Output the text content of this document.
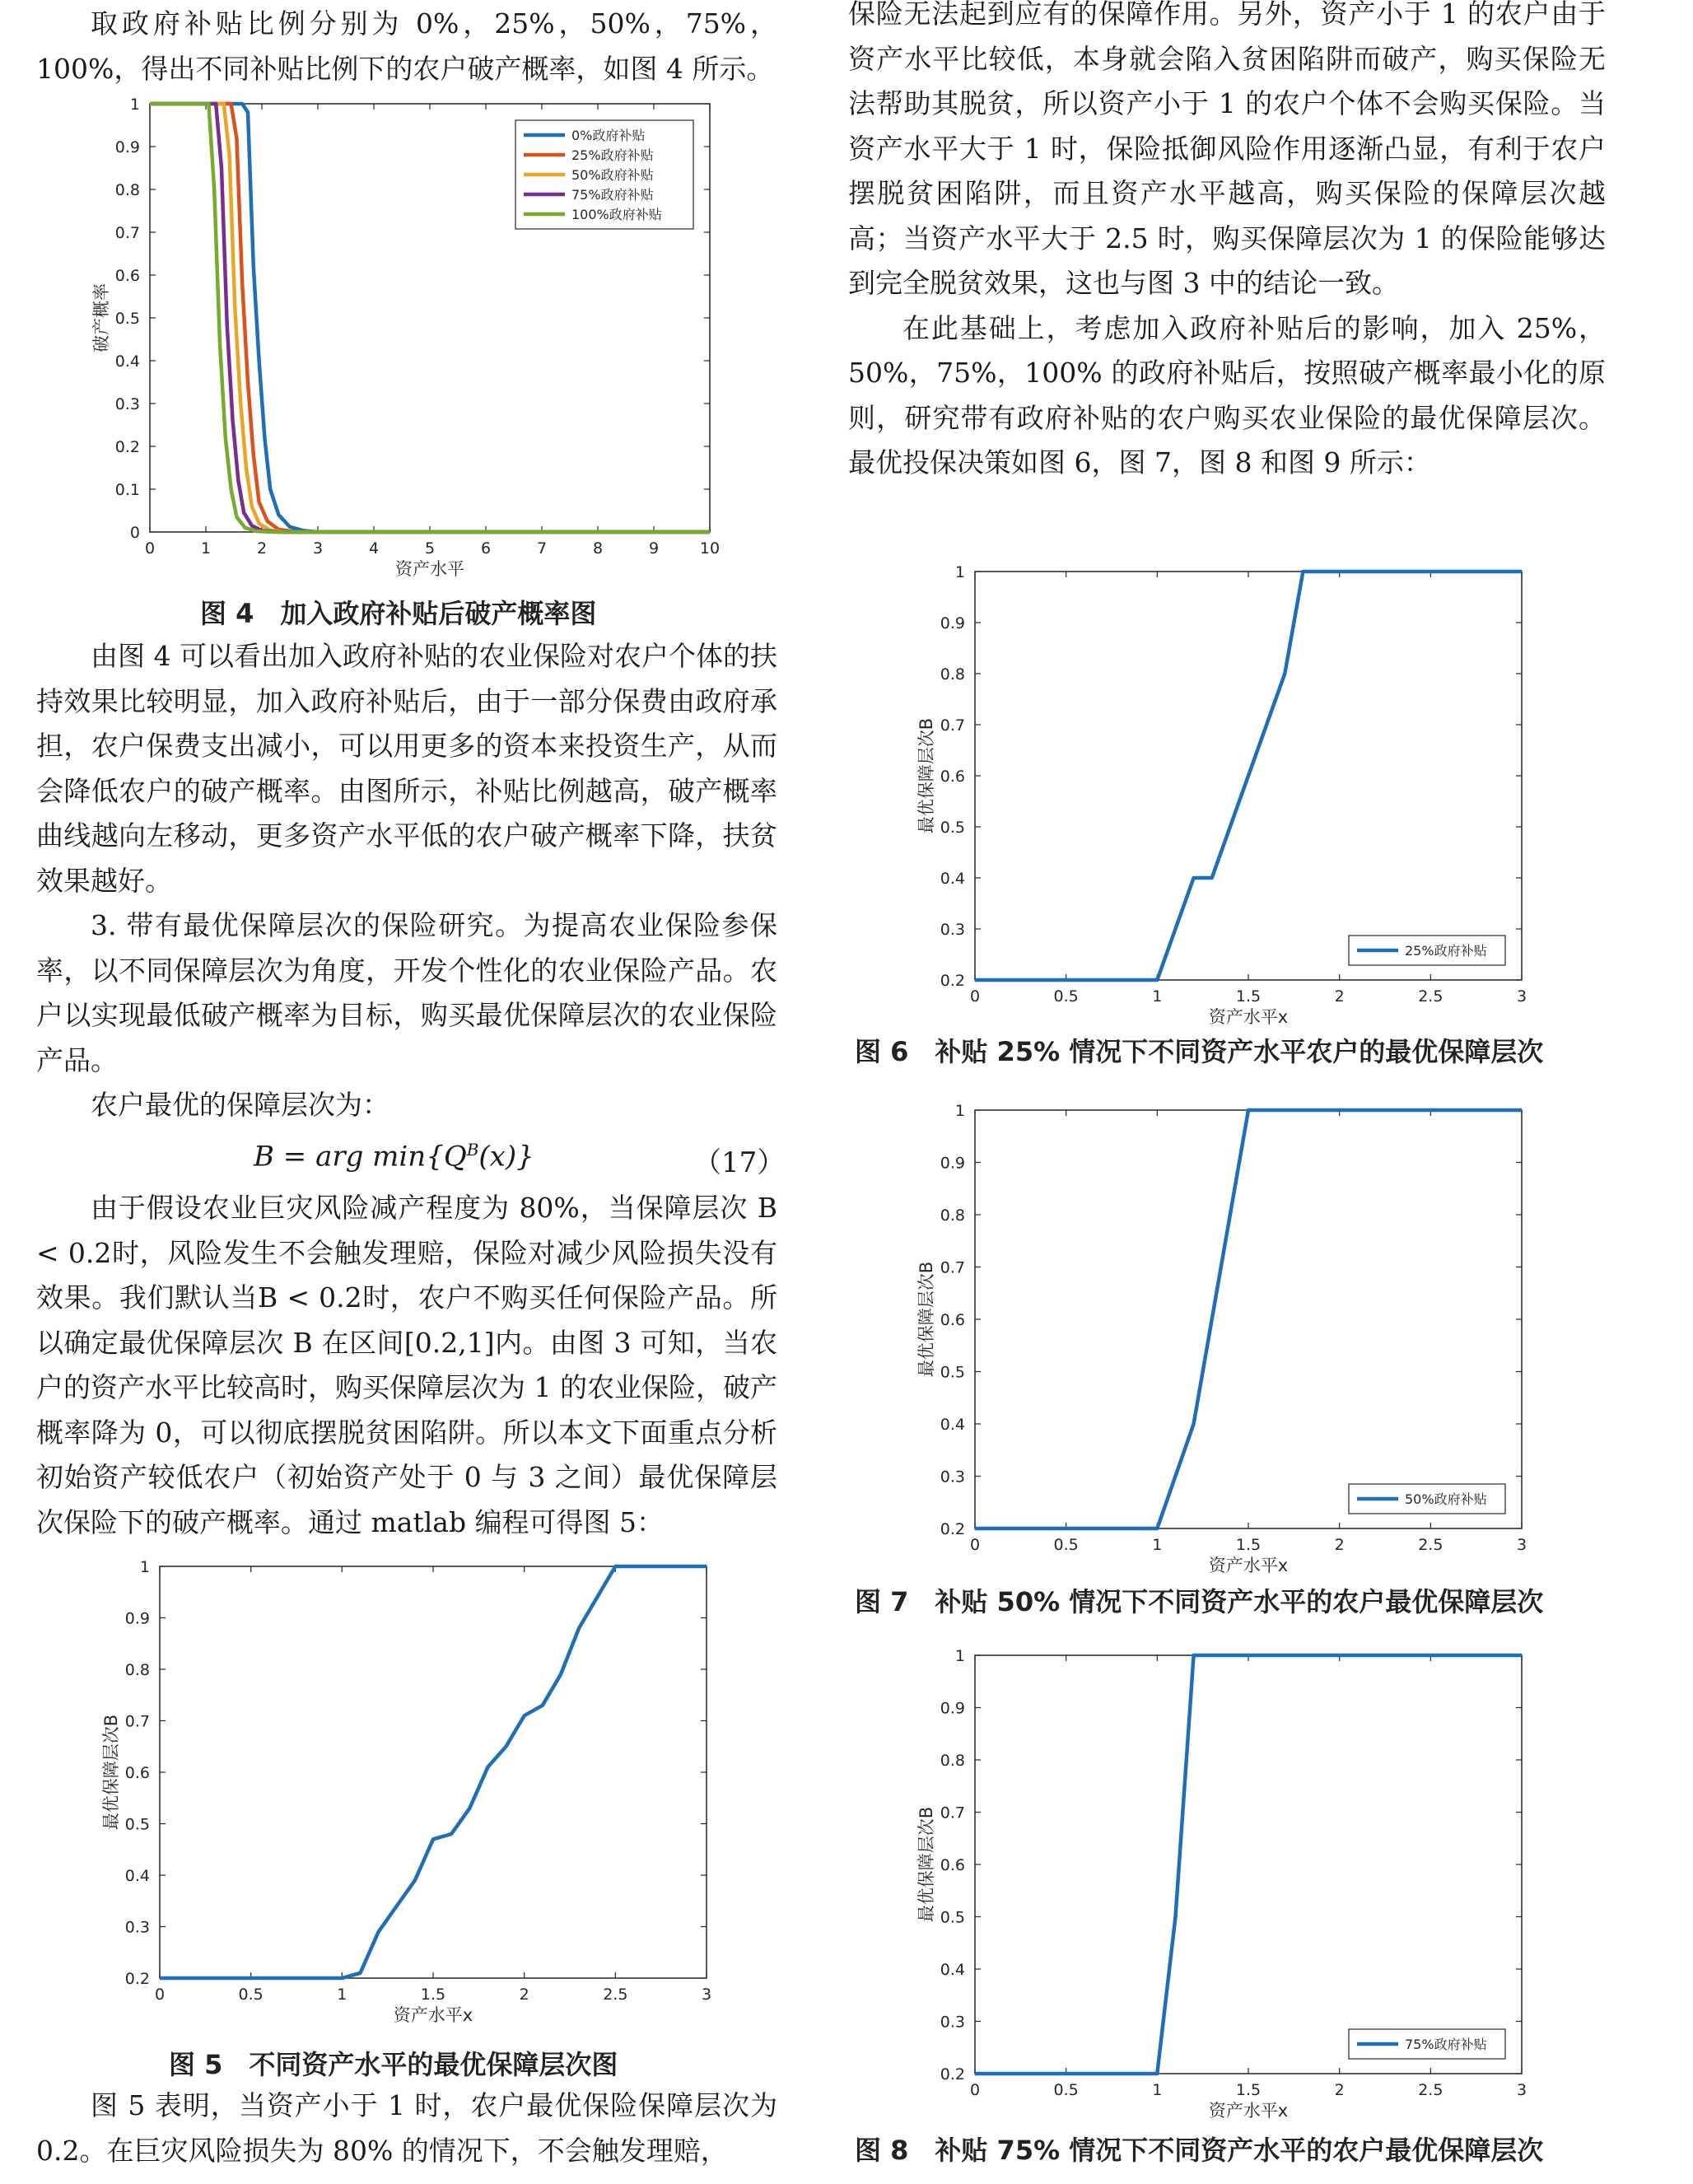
取政府补贴比例分别为 0%，25%，50%，75%，100%，得出不同补贴比例下的农户破产概率，如图 4 所示。

0	1	2	3	4	5	6	7	8	9	10
0
0.1
0.2
0.3
0.4
0.5
0.6
0.7
0.8
0.9
1
资产水平
破产概率
0%政府补贴
25%政府补贴
50%政府补贴
75%政府补贴
100%政府补贴
图 4　加入政府补贴后破产概率图

由图 4 可以看出加入政府补贴的农业保险对农户个体的扶持效果比较明显，加入政府补贴后，由于一部分保费由政府承担，农户保费支出减小，可以用更多的资本来投资生产，从而会降低农户的破产概率。由图所示，补贴比例越高，破产概率曲线越向左移动，更多资产水平低的农户破产概率下降，扶贫效果越好。

3. 带有最优保障层次的保险研究。为提高农业保险参保率，以不同保障层次为角度，开发个性化的农业保险产品。农户以实现最低破产概率为目标，购买最优保障层次的农业保险产品。

农户最优的保障层次为：

B = arg $\min\{Q^B(x)\}$	（17）

由于假设农业巨灾风险减产程度为 80%，当保障层次 B < 0.2时，风险发生不会触发理赔，保险对减少风险损失没有效果。我们默认当B < 0.2时，农户不购买任何保险产品。所以确定最优保障层次 B 在区间[0.2,1]内。由图 3 可知，当农户的资产水平比较高时，购买保障层次为 1 的农业保险，破产概率降为 0，可以彻底摆脱贫困陷阱。所以本文下面重点分析初始资产较低农户（初始资产处于 0 与 3 之间）最优保障层次保险下的破产概率。通过 matlab 编程可得图 5：

0	0.5	1	1.5	2	2.5	3
0.2
0.3
0.4
0.5
0.6
0.7
0.8
0.9
1
资产水平x
最优保障层次B
图 5　不同资产水平的最优保障层次图

图 5 表明，当资产小于 1 时，农户最优保险保障层次为 0.2。在巨灾风险损失为 80% 的情况下，不会触发理赔，

保险无法起到应有的保障作用。另外，资产小于 1 的农户由于资产水平比较低，本身就会陷入贫困陷阱而破产，购买保险无法帮助其脱贫，所以资产小于 1 的农户个体不会购买保险。当资产水平大于 1 时，保险抵御风险作用逐渐凸显，有利于农户摆脱贫困陷阱，而且资产水平越高，购买保险的保障层次越高；当资产水平大于 2.5 时，购买保障层次为 1 的保险能够达到完全脱贫效果，这也与图 3 中的结论一致。

在此基础上，考虑加入政府补贴后的影响，加入 25%，50%，75%，100% 的政府补贴后，按照破产概率最小化的原则，研究带有政府补贴的农户购买农业保险的最优保障层次。最优投保决策如图 6，图 7，图 8 和图 9 所示：

0	0.5	1	1.5	2	2.5	3
0.2
0.3
0.4
0.5
0.6
0.7
0.8
0.9
1
资产水平x
最优保障层次B
25%政府补贴
图 6　补贴 25% 情况下不同资产水平农户的最优保障层次
0	0.5	1	1.5	2	2.5	3
0.2
0.3
0.4
0.5
0.6
0.7
0.8
0.9
1
资产水平x
最优保障层次B
50%政府补贴
图 7　补贴 50% 情况下不同资产水平的农户最优保障层次
0	0.5	1	1.5	2	2.5	3
0.2
0.3
0.4
0.5
0.6
0.7
0.8
0.9
1
资产水平x
最优保障层次B
75%政府补贴
图 8　补贴 75% 情况下不同资产水平的农户最优保障层次
